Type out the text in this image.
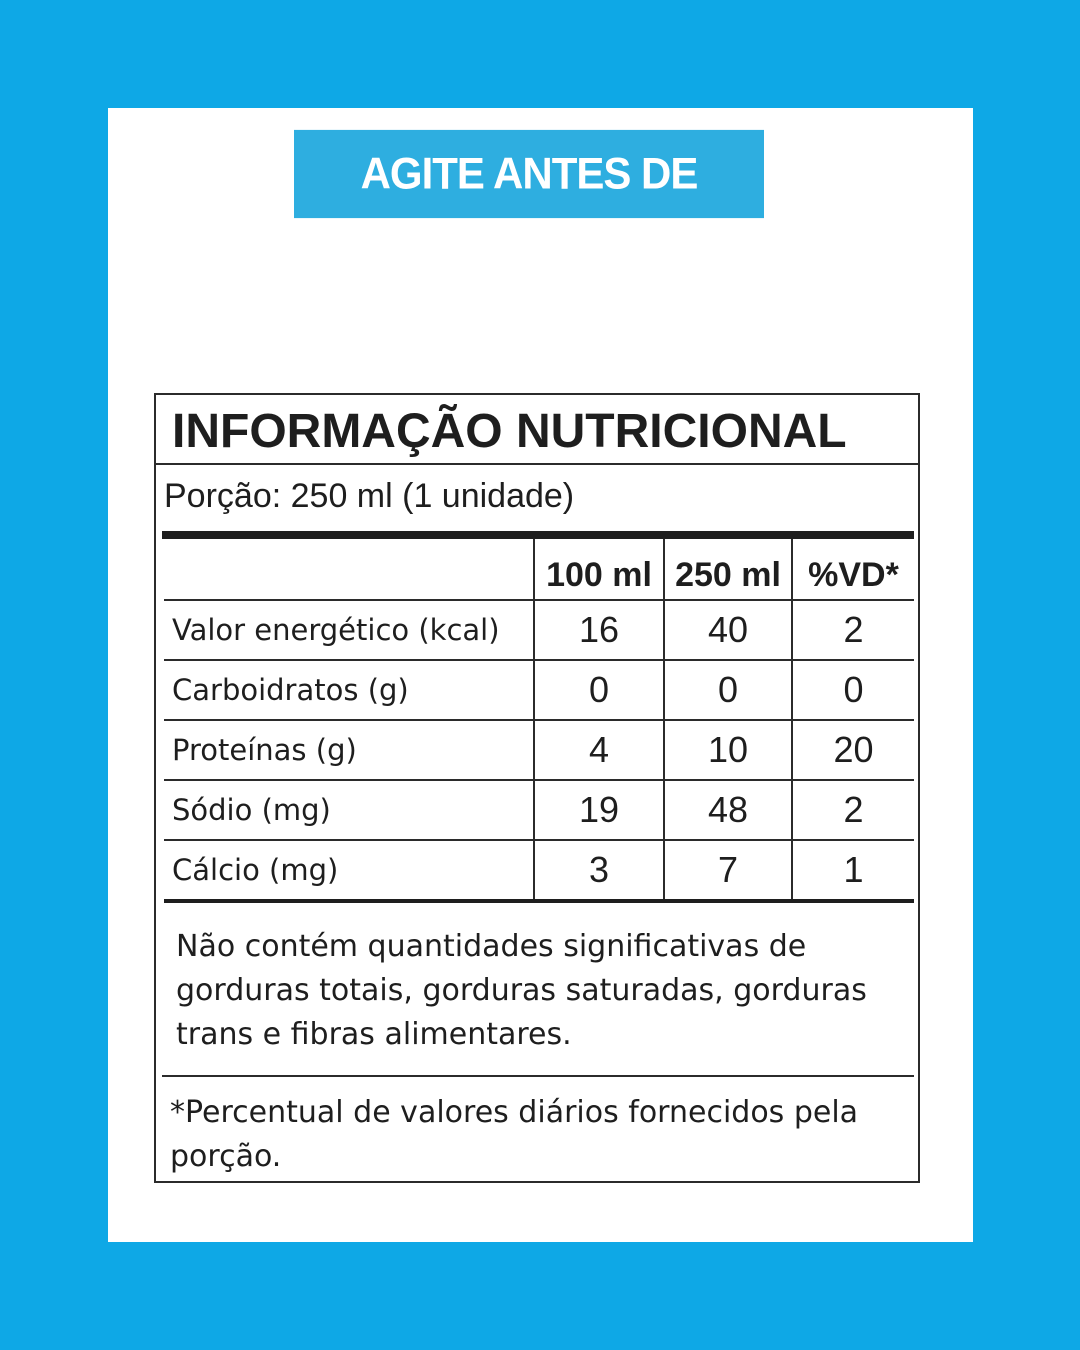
AGITE ANTES DE BEBER
INFORMAÇÃO NUTRICIONAL
Porção: 250 ml (1 unidade)
	100 ml	250 ml	%VD*
Valor energético (kcal)	16	40	2
Carboidratos (g)	0	0	0
Proteínas (g)	4	10	20
Sódio (mg)	19	48	2
Cálcio (mg)	3	7	1
Não contém quantidades significativas de gorduras totais, gorduras saturadas, gorduras trans e fibras alimentares.
*Percentual de valores diários fornecidos pela porção.
